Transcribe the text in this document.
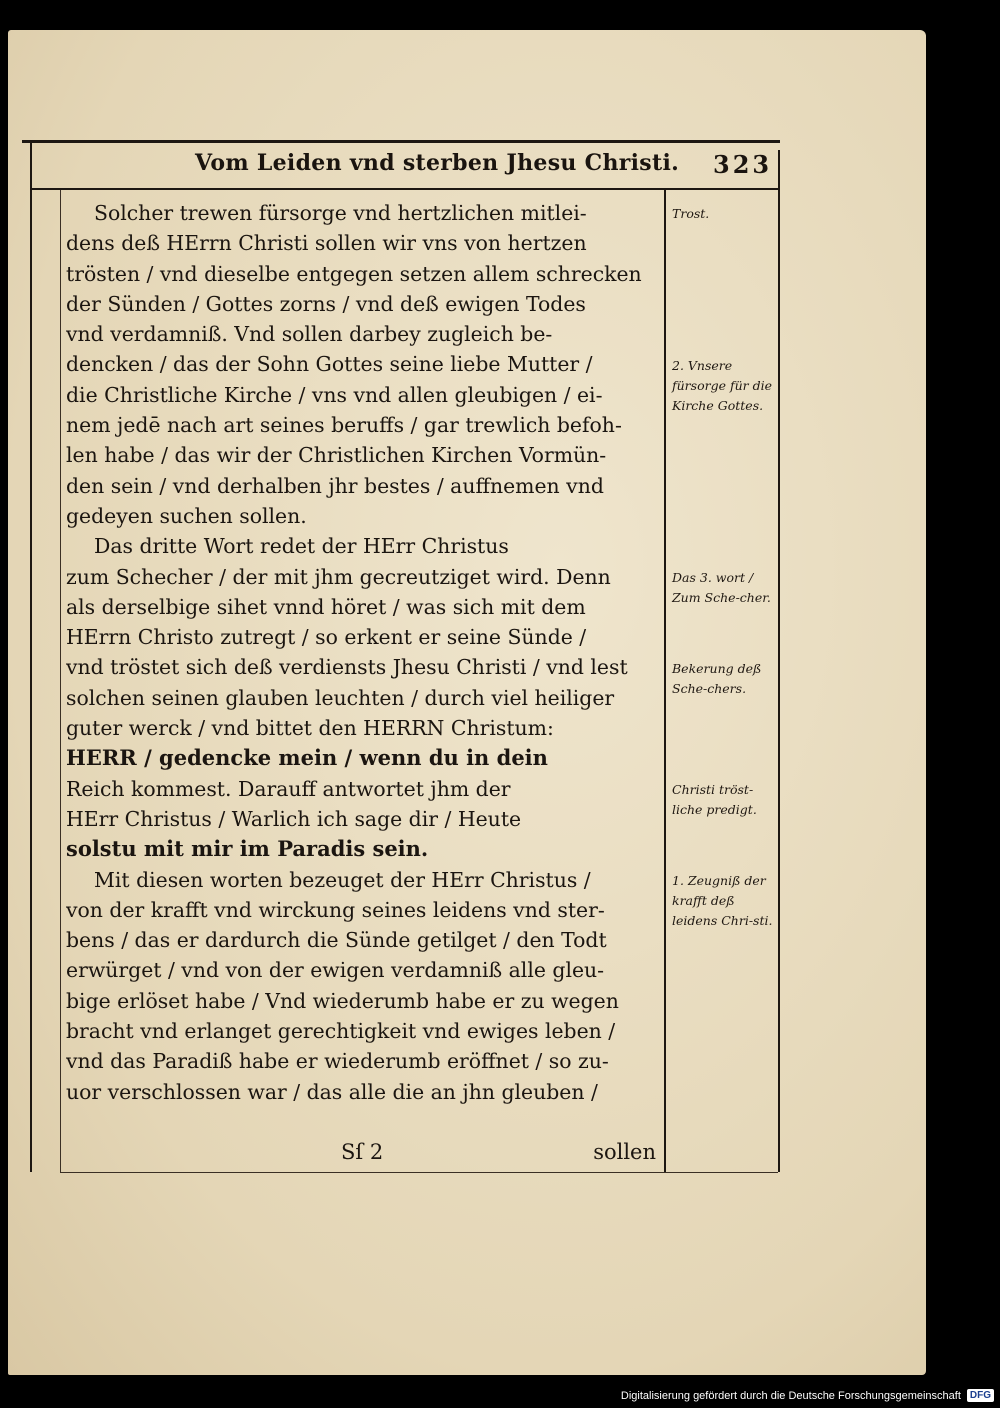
Vom Leiden vnd sterben Jhesu Christi. 323
Solcher trewen fürsorge vnd hertzlichen mitlei-
dens deß HErrn Christi sollen wir vns von hertzen
trösten / vnd dieselbe entgegen setzen allem schrecken
der Sünden / Gottes zorns / vnd deß ewigen Todes
vnd verdamniß. Vnd sollen darbey zugleich be-
dencken / das der Sohn Gottes seine liebe Mutter /
die Christliche Kirche / vns vnd allen gleubigen / ei-
nem jedē nach art seines beruffs / gar trewlich befoh-
len habe / das wir der Christlichen Kirchen Vormün-
den sein / vnd derhalben jhr bestes / auffnemen vnd
gedeyen suchen sollen.
Das dritte Wort redet der HErr Christus
zum Schecher / der mit jhm gecreutziget wird. Denn
als derselbige sihet vnnd höret / was sich mit dem
HErrn Christo zutregt / so erkent er seine Sünde /
vnd tröstet sich deß verdiensts Jhesu Christi / vnd lest
solchen seinen glauben leuchten / durch viel heiliger
guter werck / vnd bittet den HERRN Christum:
HERR / gedencke mein / wenn du in dein
Reich kommest. Darauff antwortet jhm der
HErr Christus / Warlich ich sage dir / Heute
solstu mit mir im Paradis sein.
Mit diesen worten bezeuget der HErr Christus /
von der krafft vnd wirckung seines leidens vnd ster-
bens / das er dardurch die Sünde getilget / den Todt
erwürget / vnd von der ewigen verdamniß alle gleu-
bige erlöset habe / Vnd wiederumb habe er zu wegen
bracht vnd erlanget gerechtigkeit vnd ewiges leben /
vnd das Paradiß habe er wiederumb eröffnet / so zu-
uor verschlossen war / das alle die an jhn gleuben /
Trost.
2. Vnsere fürsorge für die Kirche Gottes.
Das 3. wort / Zum Sche-cher.
Bekerung deß Sche-chers.
Christi tröst-liche predigt.
1. Zeugniß der krafft deß leidens Chri-sti.
Sſ 2	sollen
Digitalisierung gefördert durch die Deutsche Forschungsgemeinschaft DFG
